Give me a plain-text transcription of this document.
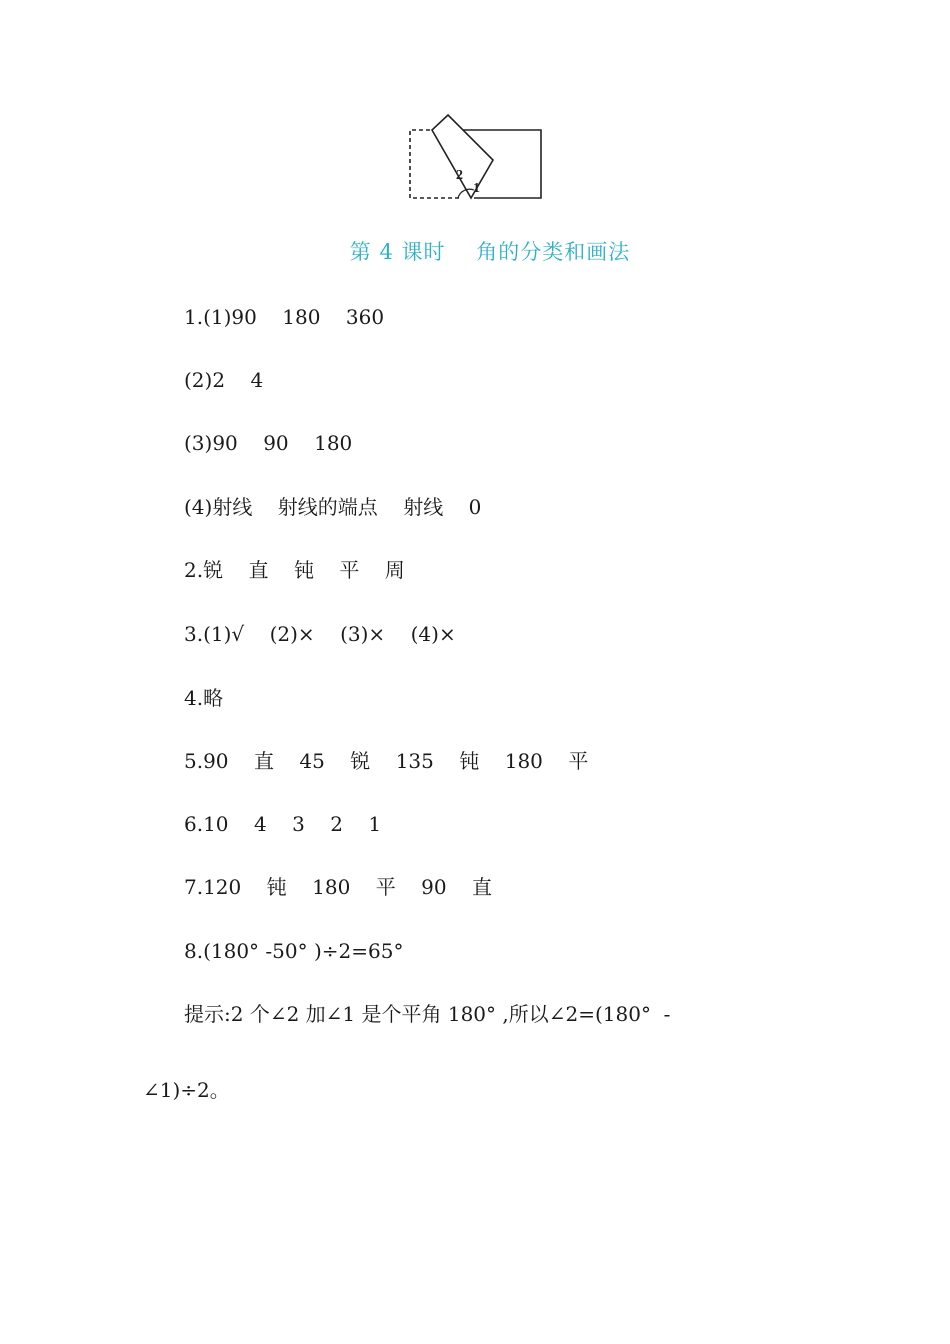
2
1
第 4 课时    角的分类和画法
1.(1)90    180    360
(2)2    4
(3)90    90    180
(4)射线    射线的端点    射线    0
2.锐    直    钝    平    周
3.(1)√    (2)×    (3)×    (4)×
4.略
5.90    直    45    锐    135    钝    180    平
6.10    4    3    2    1
7.120    钝    180    平    90    直
8.(180° -50° )÷2=65°
提示:2 个∠2 加∠1 是个平角 180° ,所以∠2=(180°  -
∠1)÷2。
